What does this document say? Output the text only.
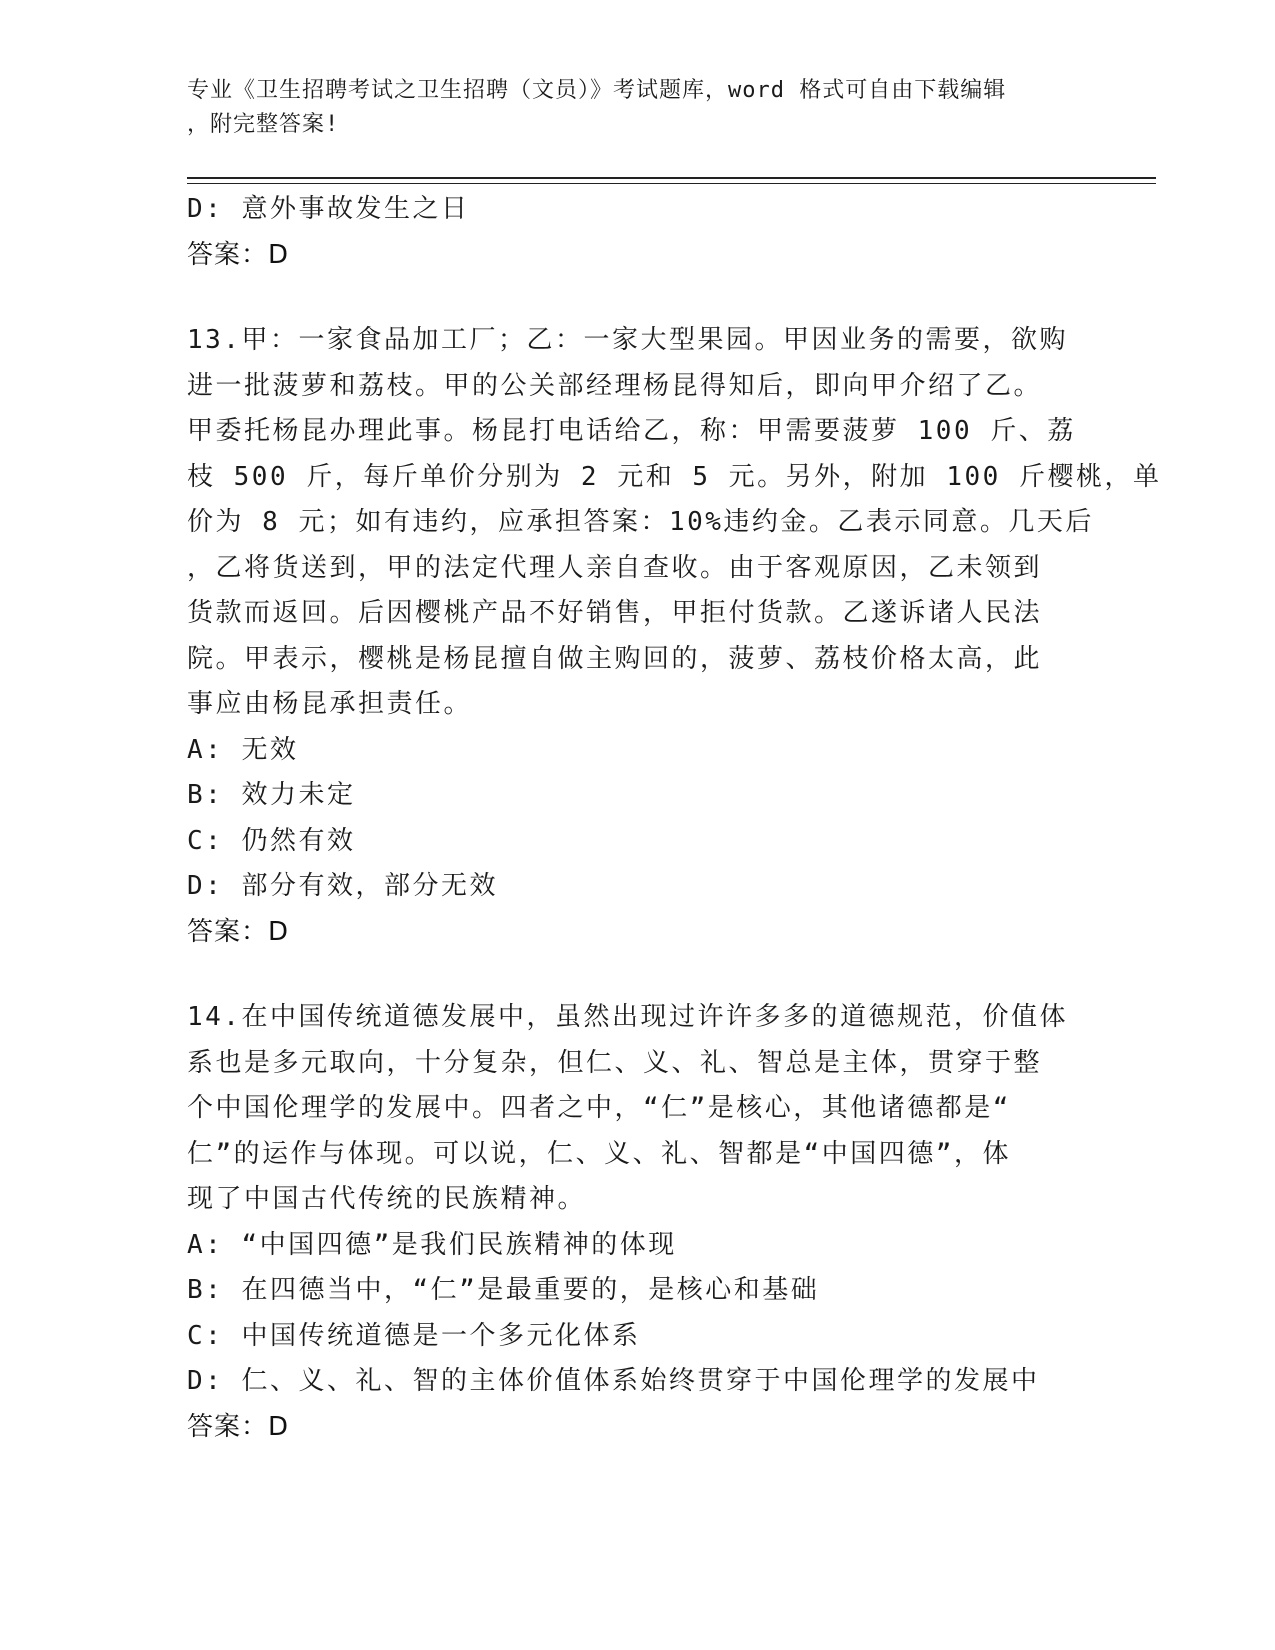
专业《卫生招聘考试之卫生招聘（文员）》考试题库，word 格式可自由下载编辑
，附完整答案!
D: 意外事故发生之日
答案：D
13.甲：一家食品加工厂；乙：一家大型果园。甲因业务的需要，欲购
进一批菠萝和荔枝。甲的公关部经理杨昆得知后，即向甲介绍了乙。
甲委托杨昆办理此事。杨昆打电话给乙，称：甲需要菠萝 100 斤、荔
枝 500 斤，每斤单价分别为 2 元和 5 元。另外，附加 100 斤樱桃，单
价为 8 元；如有违约，应承担答案：10%违约金。乙表示同意。几天后
，乙将货送到，甲的法定代理人亲自查收。由于客观原因，乙未领到
货款而返回。后因樱桃产品不好销售，甲拒付货款。乙遂诉诸人民法
院。甲表示，樱桃是杨昆擅自做主购回的，菠萝、荔枝价格太高，此
事应由杨昆承担责任。
A: 无效
B: 效力未定
C: 仍然有效
D: 部分有效，部分无效
答案：D
14.在中国传统道德发展中，虽然出现过许许多多的道德规范，价值体
系也是多元取向，十分复杂，但仁、义、礼、智总是主体，贯穿于整
个中国伦理学的发展中。四者之中，“仁”是核心，其他诸德都是“
仁”的运作与体现。可以说，仁、义、礼、智都是“中国四德”，体
现了中国古代传统的民族精神。
A: “中国四德”是我们民族精神的体现
B: 在四德当中，“仁”是最重要的，是核心和基础
C: 中国传统道德是一个多元化体系
D: 仁、义、礼、智的主体价值体系始终贯穿于中国伦理学的发展中
答案：D
